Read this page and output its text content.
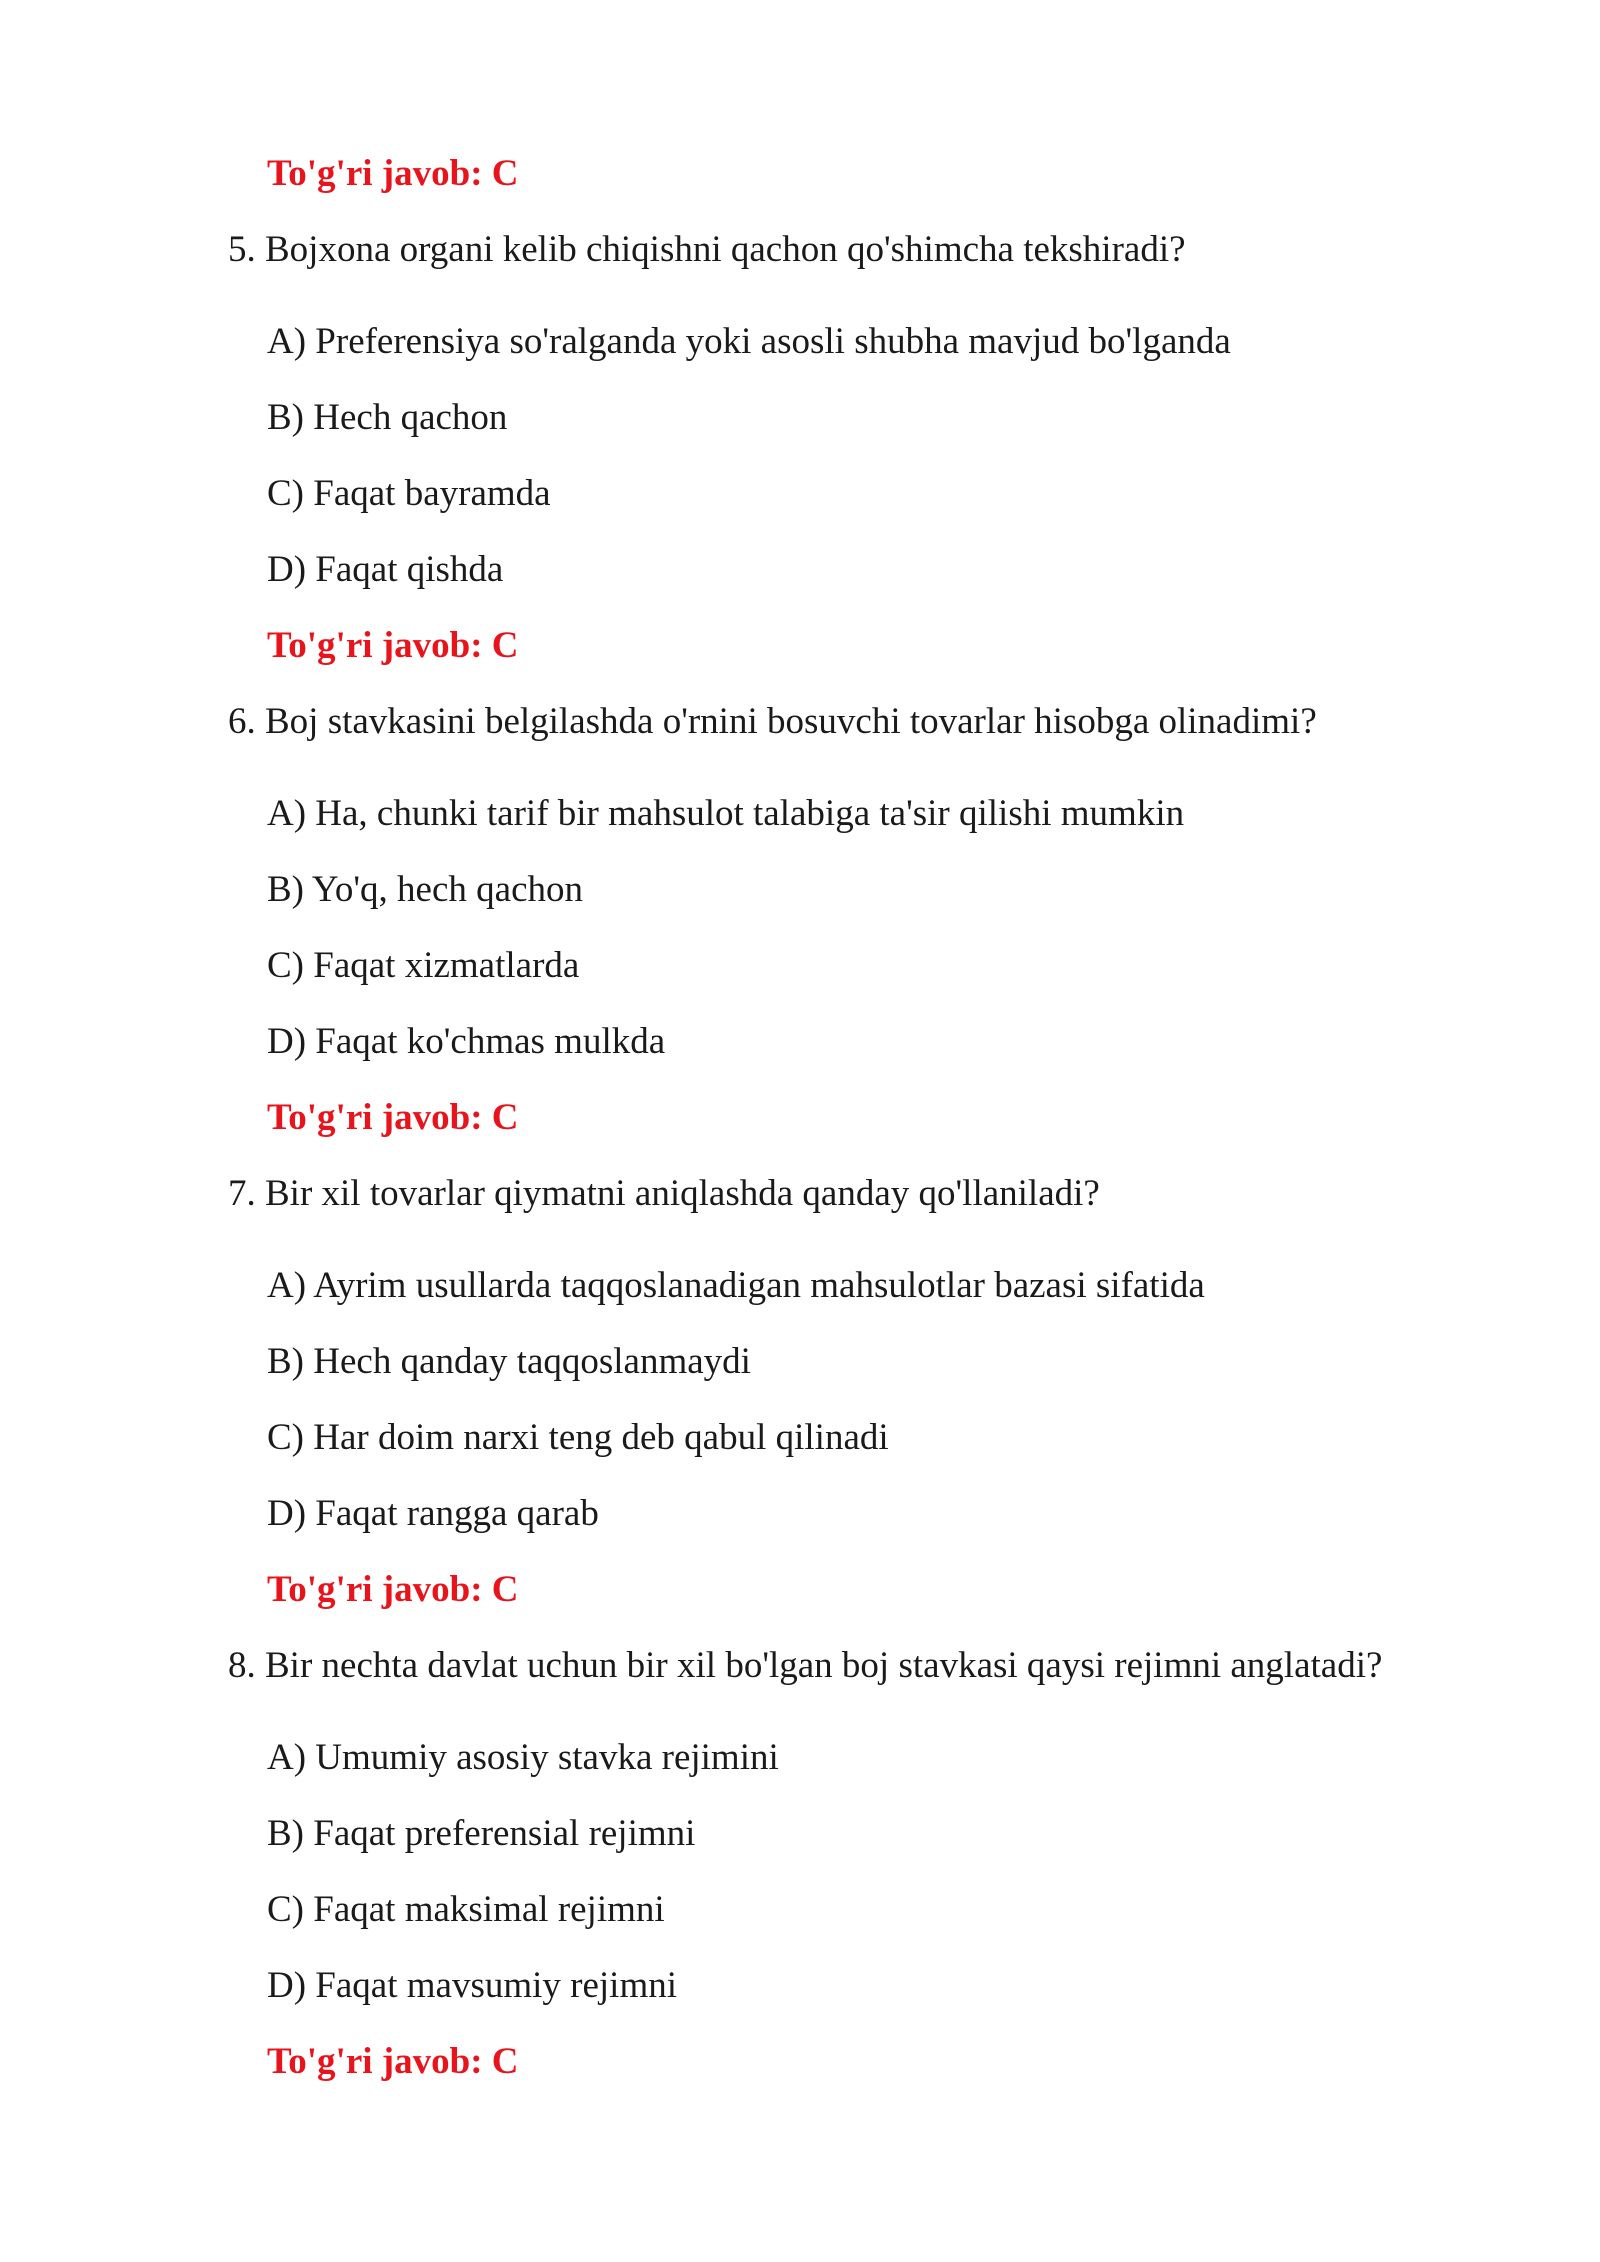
To'g'ri javob: C
5. Bojxona organi kelib chiqishni qachon qo'shimcha tekshiradi?
A) Preferensiya so'ralganda yoki asosli shubha mavjud bo'lganda
B) Hech qachon
C) Faqat bayramda
D) Faqat qishda
To'g'ri javob: C
6. Boj stavkasini belgilashda o'rnini bosuvchi tovarlar hisobga olinadimi?
A) Ha, chunki tarif bir mahsulot talabiga ta'sir qilishi mumkin
B) Yo'q, hech qachon
C) Faqat xizmatlarda
D) Faqat ko'chmas mulkda
To'g'ri javob: C
7. Bir xil tovarlar qiymatni aniqlashda qanday qo'llaniladi?
A) Ayrim usullarda taqqoslanadigan mahsulotlar bazasi sifatida
B) Hech qanday taqqoslanmaydi
C) Har doim narxi teng deb qabul qilinadi
D) Faqat rangga qarab
To'g'ri javob: C
8. Bir nechta davlat uchun bir xil bo'lgan boj stavkasi qaysi rejimni anglatadi?
A) Umumiy asosiy stavka rejimini
B) Faqat preferensial rejimni
C) Faqat maksimal rejimni
D) Faqat mavsumiy rejimni
To'g'ri javob: C
